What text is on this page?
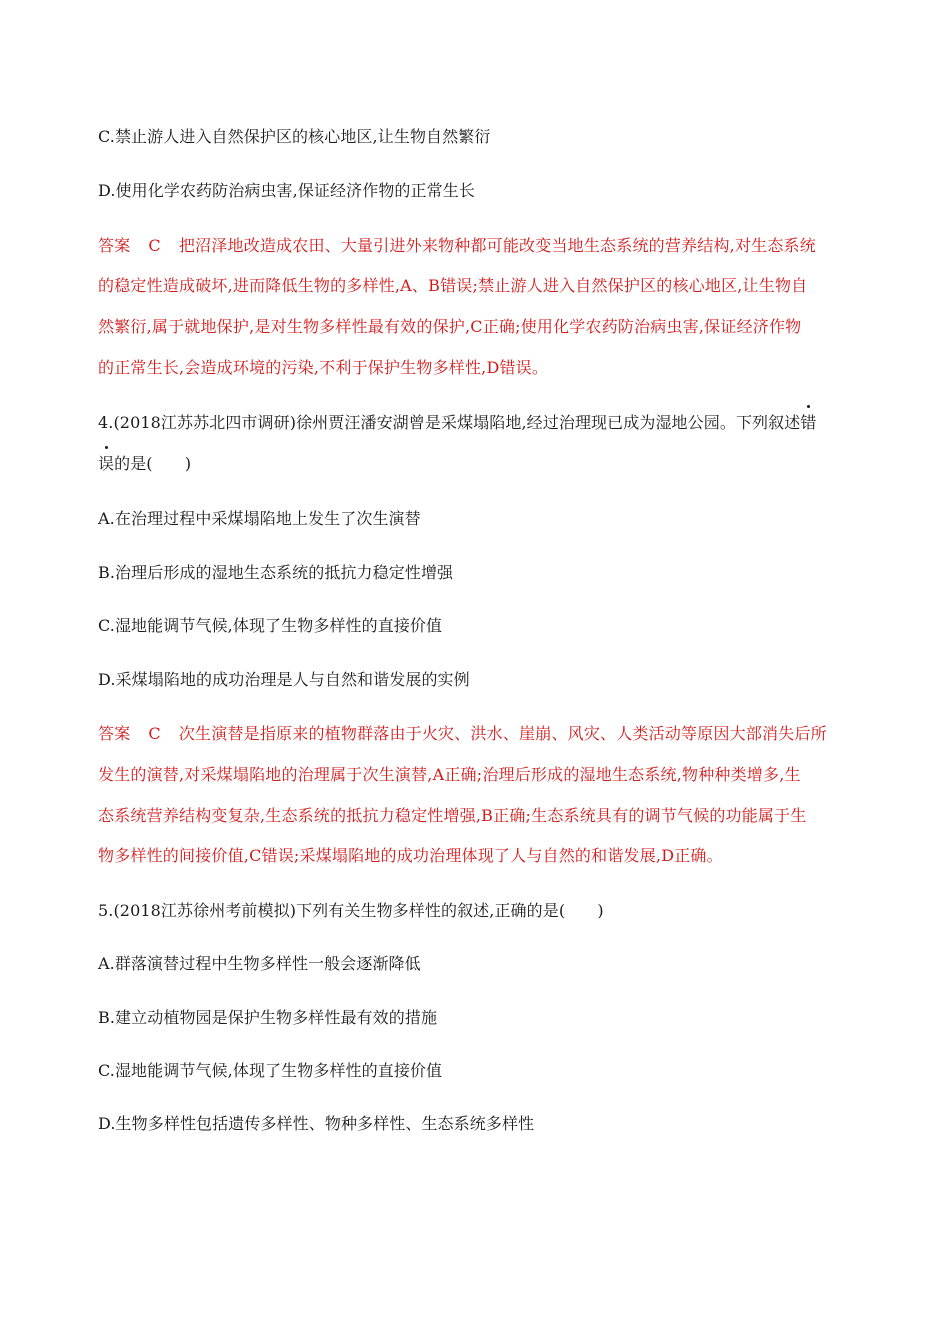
C.禁止游人进入自然保护区的核心地区,让生物自然繁衍
D.使用化学农药防治病虫害,保证经济作物的正常生长
答案 C 把沼泽地改造成农田、大量引进外来物种都可能改变当地生态系统的营养结构,对生态系统
的稳定性造成破坏,进而降低生物的多样性,A、B错误;禁止游人进入自然保护区的核心地区,让生物自
然繁衍,属于就地保护,是对生物多样性最有效的保护,C正确;使用化学农药防治病虫害,保证经济作物
的正常生长,会造成环境的污染,不利于保护生物多样性,D错误。
4.(2018江苏苏北四市调研)徐州贾汪潘安湖曾是采煤塌陷地,经过治理现已成为湿地公园。下列叙述错
误的是(　　)
A.在治理过程中采煤塌陷地上发生了次生演替
B.治理后形成的湿地生态系统的抵抗力稳定性增强
C.湿地能调节气候,体现了生物多样性的直接价值
D.采煤塌陷地的成功治理是人与自然和谐发展的实例
答案 C 次生演替是指原来的植物群落由于火灾、洪水、崖崩、风灾、人类活动等原因大部消失后所
发生的演替,对采煤塌陷地的治理属于次生演替,A正确;治理后形成的湿地生态系统,物种种类增多,生
态系统营养结构变复杂,生态系统的抵抗力稳定性增强,B正确;生态系统具有的调节气候的功能属于生
物多样性的间接价值,C错误;采煤塌陷地的成功治理体现了人与自然的和谐发展,D正确。
5.(2018江苏徐州考前模拟)下列有关生物多样性的叙述,正确的是(　　)
A.群落演替过程中生物多样性一般会逐渐降低
B.建立动植物园是保护生物多样性最有效的措施
C.湿地能调节气候,体现了生物多样性的直接价值
D.生物多样性包括遗传多样性、物种多样性、生态系统多样性
